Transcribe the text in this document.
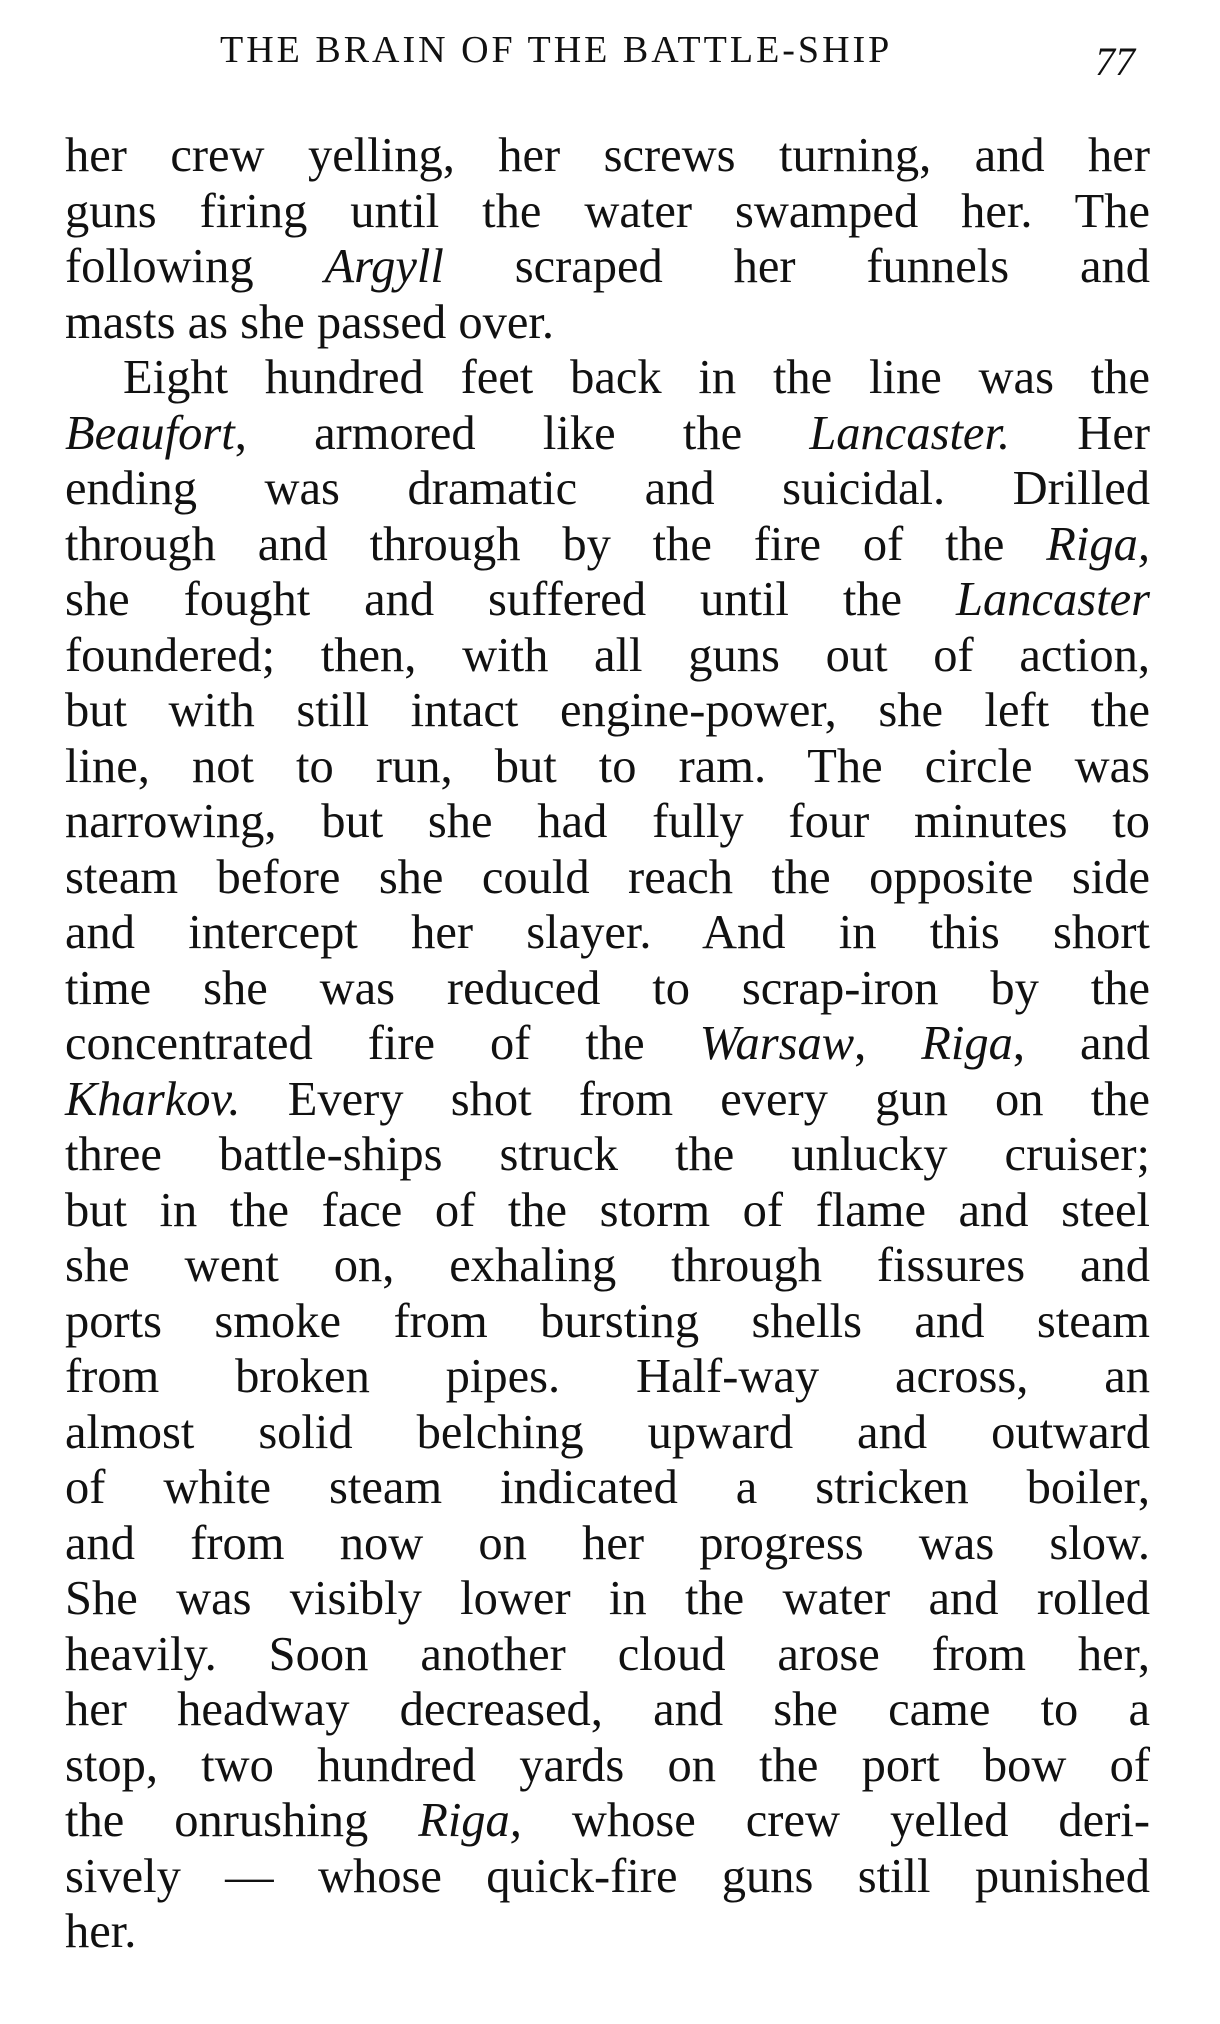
THE BRAIN OF THE BATTLE-SHIP	77
her crew yelling, her screws turning, and her
guns firing until the water swamped her. The
following Argyll scraped her funnels and
masts as she passed over.
Eight hundred feet back in the line was the
Beaufort, armored like the Lancaster. Her
ending was dramatic and suicidal. Drilled
through and through by the fire of the Riga,
she fought and suffered until the Lancaster
foundered; then, with all guns out of action,
but with still intact engine-power, she left the
line, not to run, but to ram. The circle was
narrowing, but she had fully four minutes to
steam before she could reach the opposite side
and intercept her slayer. And in this short
time she was reduced to scrap-iron by the
concentrated fire of the Warsaw, Riga, and
Kharkov. Every shot from every gun on the
three battle-ships struck the unlucky cruiser;
but in the face of the storm of flame and steel
she went on, exhaling through fissures and
ports smoke from bursting shells and steam
from broken pipes. Half-way across, an
almost solid belching upward and outward
of white steam indicated a stricken boiler,
and from now on her progress was slow.
She was visibly lower in the water and rolled
heavily. Soon another cloud arose from her,
her headway decreased, and she came to a
stop, two hundred yards on the port bow of
the onrushing Riga, whose crew yelled deri-
sively — whose quick-fire guns still punished
her.
